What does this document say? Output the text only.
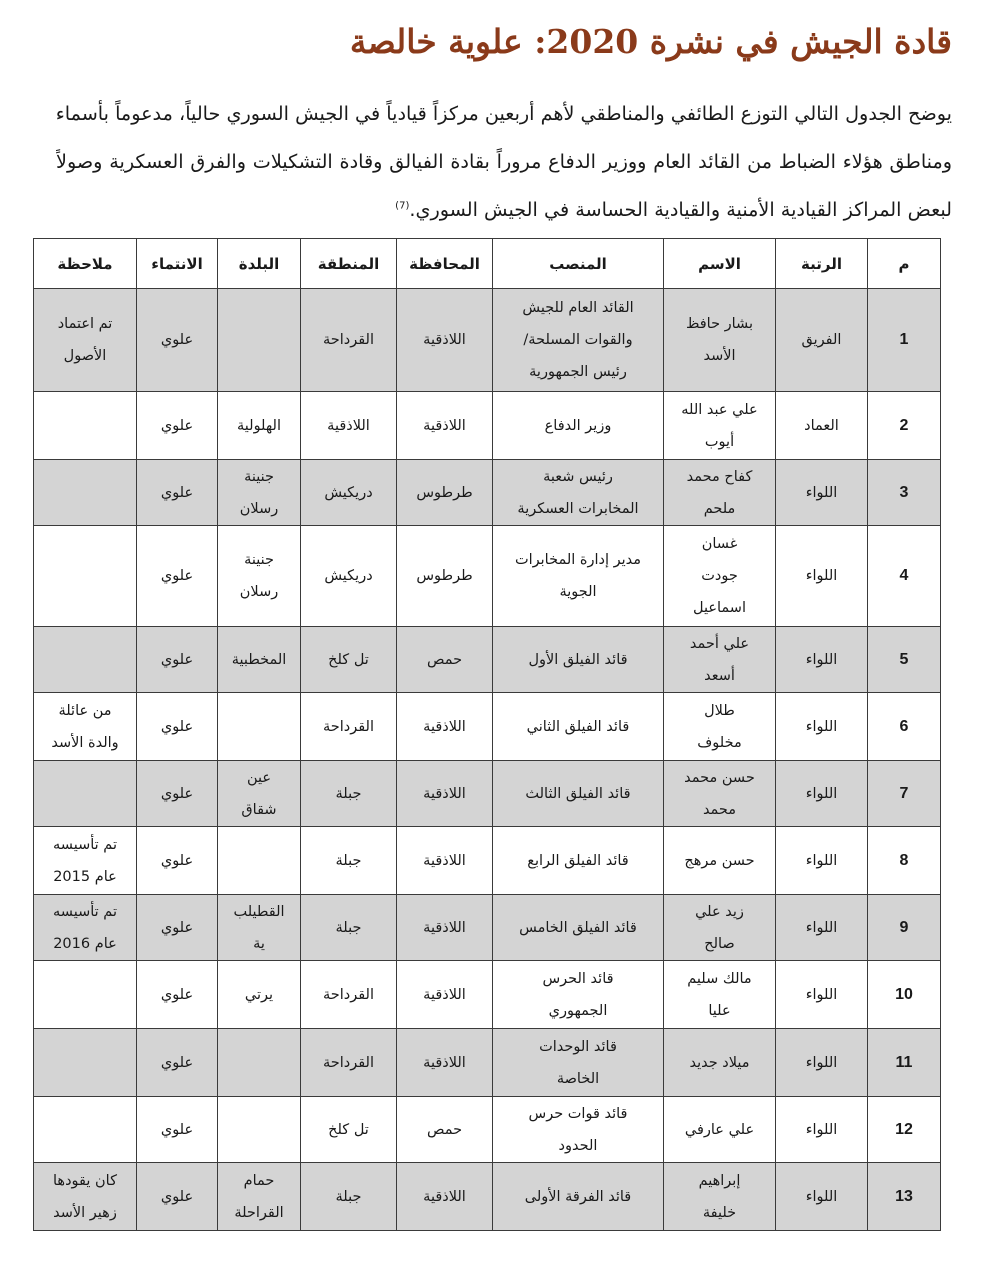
قادة الجيش في نشرة 2020: علوية خالصة
يوضح الجدول التالي التوزع الطائفي والمناطقي لأهم أربعين مركزاً قيادياً في الجيش السوري حالياً، مدعوماً بأسماء
ومناطق هؤلاء الضباط من القائد العام ووزير الدفاع مروراً بقادة الفيالق وقادة التشكيلات والفرق العسكرية وصولاً
لبعض المراكز القيادية الأمنية والقيادية الحساسة في الجيش السوري.$^{(7)}$
م	الرتبة	الاسم	المنصب	المحافظة	المنطقة	البلدة	الانتماء	ملاحظة

1	الفريق	بشار حافظ
الأسد	القائد العام للجيش
والقوات المسلحة/
رئيس الجمهورية	اللاذقية	القرداحة		علوي	تم اعتماد
الأصول

2	العماد	علي عبد الله
أيوب	وزير الدفاع	اللاذقية	اللاذقية	الهلولية	علوي	

3	اللواء	كفاح محمد
ملحم	رئيس شعبة
المخابرات العسكرية	طرطوس	دريكيش	جنينة
رسلان	علوي	

4	اللواء	غسان
جودت
اسماعيل	مدير إدارة المخابرات
الجوية	طرطوس	دريكيش	جنينة
رسلان	علوي	

5	اللواء	علي أحمد
أسعد	قائد الفيلق الأول	حمص	تل كلخ	المخطبية	علوي	

6	اللواء	طلال
مخلوف	قائد الفيلق الثاني	اللاذقية	القرداحة		علوي	من عائلة
والدة الأسد

7	اللواء	حسن محمد
محمد	قائد الفيلق الثالث	اللاذقية	جبلة	عين
شقاق	علوي	

8	اللواء	حسن مرهج	قائد الفيلق الرابع	اللاذقية	جبلة		علوي	تم تأسيسه
عام 2015

9	اللواء	زيد علي
صالح	قائد الفيلق الخامس	اللاذقية	جبلة	القطيلب
ية	علوي	تم تأسيسه
عام 2016

10	اللواء	مالك سليم
عليا	قائد الحرس
الجمهوري	اللاذقية	القرداحة	يرتي	علوي	

11	اللواء	ميلاد جديد	قائد الوحدات
الخاصة	اللاذقية	القرداحة		علوي	

12	اللواء	علي عارفي	قائد قوات حرس
الحدود	حمص	تل كلخ		علوي	

13	اللواء	إبراهيم
خليفة	قائد الفرقة الأولى	اللاذقية	جبلة	حمام
القراحلة	علوي	كان يقودها
زهير الأسد
